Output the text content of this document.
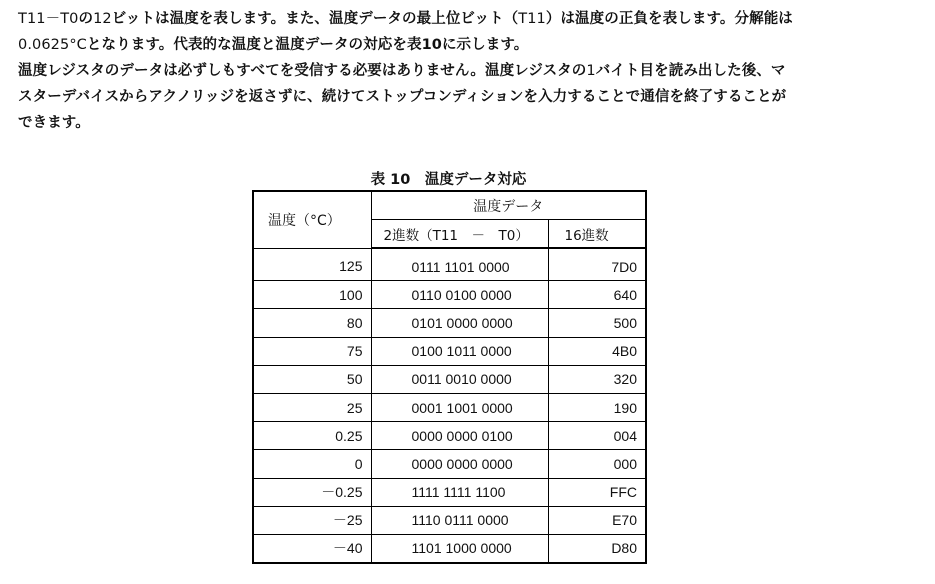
T11－T0の12ビットは温度を表します。また、温度データの最上位ビット（T11）は温度の正負を表します。分解能は
0.0625°Cとなります。代表的な温度と温度データの対応を表10に示します。

温度レジスタのデータは必ずしもすべてを受信する必要はありません。温度レジスタの1バイト目を読み出した後、マ
スターデバイスからアクノリッジを返さずに、続けてストップコンディションを入力することで通信を終了することが
できます。

表 10　温度データ対応
温度（°C）	温度データ	
	2進数（T11　－　T0）	16進数
125	0111 1101 0000	7D0
100	0110 0100 0000	640
80	0101 0000 0000	500
75	0100 1011 0000	4B0
50	0011 0010 0000	320
25	0001 1001 0000	190
0.25	0000 0000 0100	004
0	0000 0000 0000	000
－0.25	1111 1111 1100	FFC
－25	1110 0111 0000	E70
－40	1101 1000 0000	D80
